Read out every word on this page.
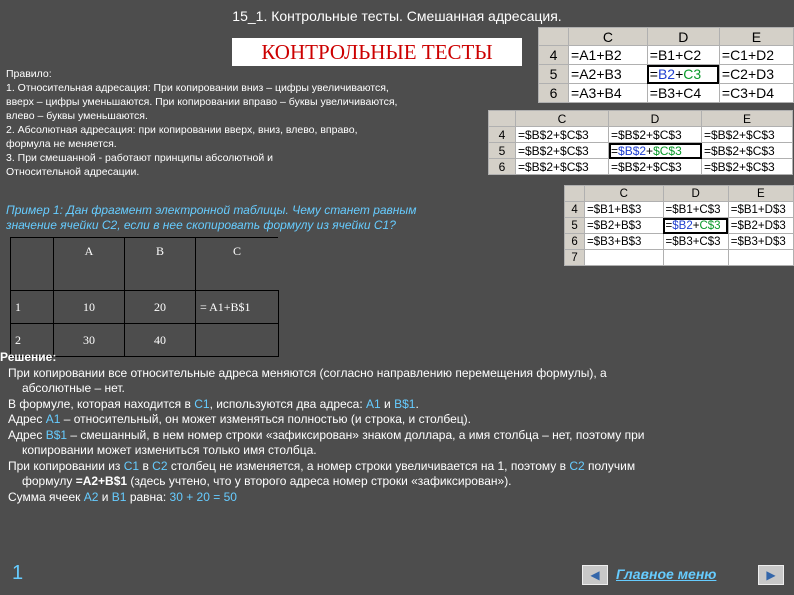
15_1. Контрольные тесты. Смешанная адресация.
КОНТРОЛЬНЫЕ ТЕСТЫ
Правило:
1. Относительная адресация: При копировании вниз – цифры увеличиваются,
вверх – цифры уменьшаются. При копировании вправо – буквы увеличиваются,
влево – буквы уменьшаются.
2. Абсолютная адресация: при копировании вверх, вниз, влево, вправо,
формула не меняется.
3. При смешанной - работают принципы абсолютной и
Относительной адресации.
	C	D	E
4	=A1+B2	=B1+C2	=C1+D2
5	=A2+B3	=B2+C3	=C2+D3
6	=A3+B4	=B3+C4	=C3+D4
	C	D	E
4	=$B$2+$C$3	=$B$2+$C$3	=$B$2+$C$3
5	=$B$2+$C$3	=$B$2+$C$3	=$B$2+$C$3
6	=$B$2+$C$3	=$B$2+$C$3	=$B$2+$C$3
	C	D	E
4	=$B1+B$3	=$B1+C$3	=$B1+D$3
5	=$B2+B$3	=$B2+C$3	=$B2+D$3
6	=$B3+B$3	=$B3+C$3	=$B3+D$3
7			
Пример 1: Дан фрагмент электронной таблицы. Чему станет равным
значение ячейки C2, если в нее скопировать формулу из ячейки C1?
	A	B	C
1	10	20	= A1+B$1
2	30	40	
Решение:
При копировании все относительные адреса меняются (согласно направлению перемещения формулы), а
абсолютные – нет.
В формуле, которая находится в C1, используются два адреса: A1 и B$1.
Адрес A1 – относительный, он может изменяться полностью (и строка, и столбец).
Адрес B$1 – смешанный, в нем номер строки «зафиксирован» знаком доллара, а имя столбца – нет, поэтому при
копировании может измениться только имя столбца.
При копировании из C1 в C2 столбец не изменяется, а номер строки увеличивается на 1, поэтому в C2 получим
формулу =A2+B$1 (здесь учтено, что у второго адреса номер строки «зафиксирован»).
Сумма ячеек A2 и B1 равна: 30 + 20 = 50
1	◀ Главное меню	▶
